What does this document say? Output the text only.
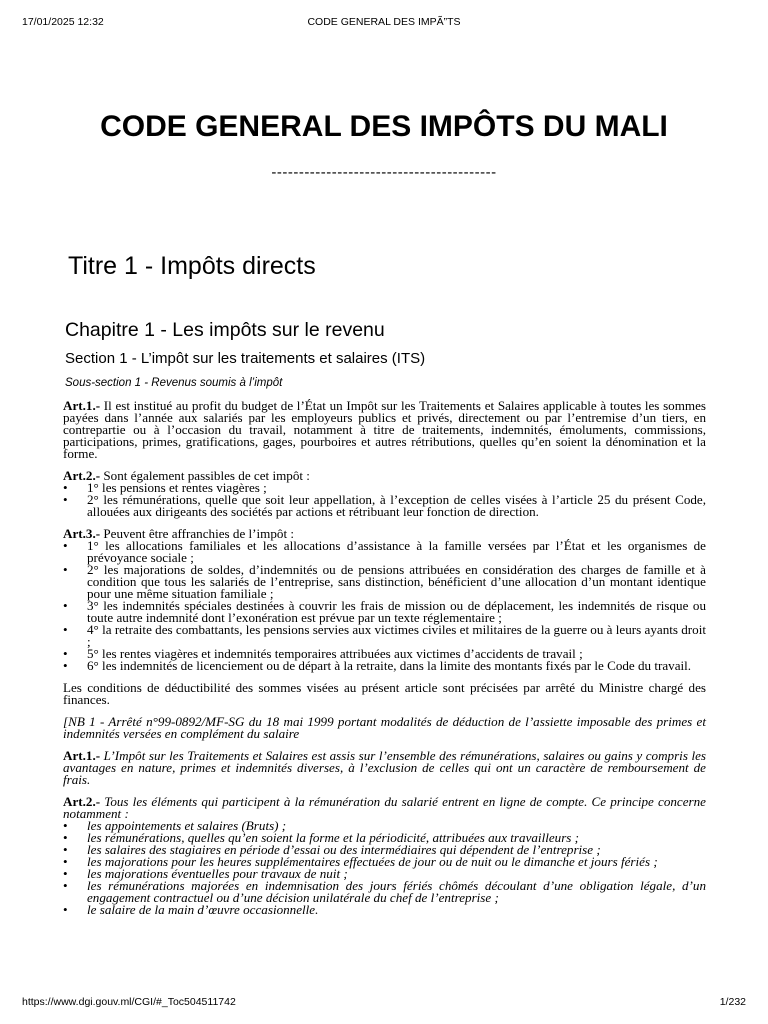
17/01/2025 12:32	CODE GENERAL DES IMPÃ”TS
CODE GENERAL DES IMPÔTS DU MALI
-----------------------------------------
Titre 1 - Impôts directs
Chapitre 1 - Les impôts sur le revenu
Section 1 - L’impôt sur les traitements et salaires (ITS)
Sous-section 1 - Revenus soumis à l’impôt

Art.1.- Il est institué au profit du budget de l’État un Impôt sur les Traitements et Salaires applicable à toutes les sommes payées dans l’année aux salariés par les employeurs publics et privés, directement ou par l’entremise d’un tiers, en contrepartie ou à l’occasion du travail, notamment à titre de traitements, indemnités, émoluments, commissions, participations, primes, gratifications, gages, pourboires et autres rétributions, quelles qu’en soient la dénomination et la forme.

Art.2.- Sont également passibles de cet impôt :

•	1° les pensions et rentes viagères ;
•	2° les rémunérations, quelle que soit leur appellation, à l’exception de celles visées à l’article 25 du présent Code, allouées aux dirigeants des sociétés par actions et rétribuant leur fonction de direction.

Art.3.- Peuvent être affranchies de l’impôt :

•	1° les allocations familiales et les allocations d’assistance à la famille versées par l’État et les organismes de prévoyance sociale ;
•	2° les majorations de soldes, d’indemnités ou de pensions attribuées en considération des charges de famille et à condition que tous les salariés de l’entreprise, sans distinction, bénéficient d’une allocation d’un montant identique pour une même situation familiale ;
•	3° les indemnités spéciales destinées à couvrir les frais de mission ou de déplacement, les indemnités de risque ou toute autre indemnité dont l’exonération est prévue par un texte réglementaire ;
•	4° la retraite des combattants, les pensions servies aux victimes civiles et militaires de la guerre ou à leurs ayants droit ;
•	5° les rentes viagères et indemnités temporaires attribuées aux victimes d’accidents de travail ;
•	6° les indemnités de licenciement ou de départ à la retraite, dans la limite des montants fixés par le Code du travail.

Les conditions de déductibilité des sommes visées au présent article sont précisées par arrêté du Ministre chargé des finances.

[NB 1 - Arrêté n°99-0892/MF-SG du 18 mai 1999 portant modalités de déduction de l’assiette imposable des primes et indemnités versées en complément du salaire

Art.1.- L’Impôt sur les Traitements et Salaires est assis sur l’ensemble des rémunérations, salaires ou gains y compris les avantages en nature, primes et indemnités diverses, à l’exclusion de celles qui ont un caractère de remboursement de frais.

Art.2.- Tous les éléments qui participent à la rémunération du salarié entrent en ligne de compte. Ce principe concerne notamment :

•	les appointements et salaires (Bruts) ;
•	les rémunérations, quelles qu’en soient la forme et la périodicité, attribuées aux travailleurs ;
•	les salaires des stagiaires en période d’essai ou des intermédiaires qui dépendent de l’entreprise ;
•	les majorations pour les heures supplémentaires effectuées de jour ou de nuit ou le dimanche et jours fériés ;
•	les majorations éventuelles pour travaux de nuit ;
•	les rémunérations majorées en indemnisation des jours fériés chômés découlant d’une obligation légale, d’un engagement contractuel ou d’une décision unilatérale du chef de l’entreprise ;
•	le salaire de la main d’œuvre occasionnelle.
https://www.dgi.gouv.ml/CGI/#_Toc504511742	1/232
